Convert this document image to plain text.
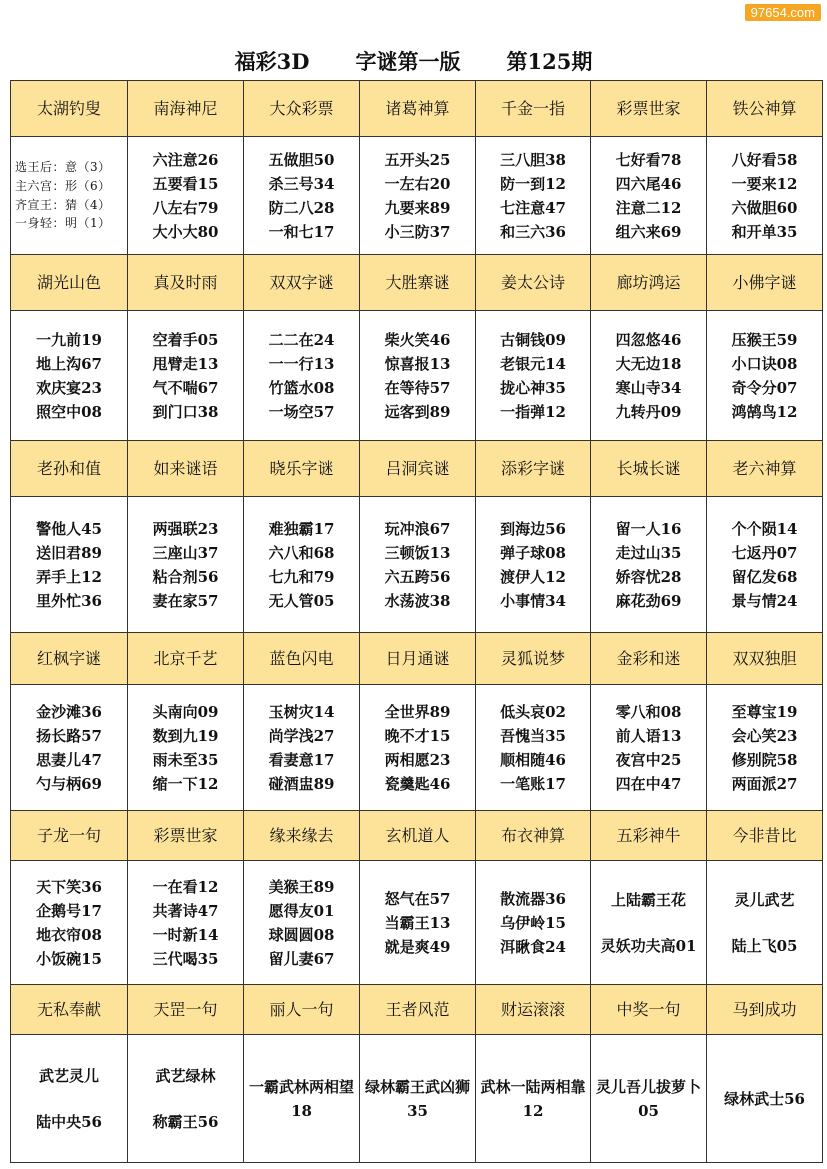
97654.com
福彩3D 字谜第一版 第125期
太湖钓叟	南海神尼	大众彩票	诸葛神算	千金一指	彩票世家	铁公神算

选王后：意（3）
主六宫：形（6）
齐宣王：猜（4）
一身轻：明（1）	六注意26
五要看15
八左右79
大小大80	五做胆50
杀三号34
防二八28
一和七17	五开头25
一左右20
九要来89
小三防37	三八胆38
防一到12
七注意47
和三六36	七好看78
四六尾46
注意二12
组六来69	八好看58
一要来12
六做胆60
和开单35

湖光山色	真及时雨	双双字谜	大胜寨谜	姜太公诗	廊坊鸿运	小佛字谜

一九前19
地上沟67
欢庆宴23
照空中08	空着手05
甩臂走13
气不喘67
到门口38	二二在24
一一行13
竹篮水08
一场空57	柴火笑46
惊喜报13
在等待57
远客到89	古铜钱09
老银元14
拢心神35
一指弹12	四忽悠46
大无边18
寒山寺34
九转丹09	压猴王59
小口诀08
奇令分07
鸿鹄鸟12

老孙和值	如来谜语	晓乐字谜	吕洞宾谜	添彩字谜	长城长谜	老六神算

警他人45
送旧君89
弄手上12
里外忙36	两强联23
三座山37
粘合剂56
妻在家57	难独霸17
六八和68
七九和79
无人管05	玩冲浪67
三顿饭13
六五跨56
水荡波38	到海边56
弹子球08
渡伊人12
小事情34	留一人16
走过山35
娇容忧28
麻花劲69	个个陨14
七返丹07
留亿发68
景与情24

红枫字谜	北京千艺	蓝色闪电	日月通谜	灵狐说梦	金彩和迷	双双独胆

金沙滩36
扬长路57
思妻儿47
勺与柄69	头南向09
数到九19
雨未至35
缩一下12	玉树灾14
尚学浅27
看妻意17
碰酒盅89	全世界89
晚不才15
两相愿23
瓷羹匙46	低头哀02
吾愧当35
顺相随46
一笔账17	零八和08
前人语13
夜宫中25
四在中47	至尊宝19
会心笑23
修别院58
两面派27

子龙一句	彩票世家	缘来缘去	玄机道人	布衣神算	五彩神牛	今非昔比

天下笑36
企鹅号17
地衣帘08
小饭碗15	一在看12
共著诗47
一时新14
三代喝35	美猴王89
愿得友01
球圆圆08
留儿妻67	怒气在57
当霸王13
就是爽49	散流器36
乌伊岭15
洱瞅食24	上陆霸王花
灵妖功夫高01	灵儿武艺
陆上飞05

无私奉献	天罡一句	丽人一句	王者风范	财运滚滚	中奖一句	马到成功

武艺灵儿
陆中央56	武艺绿林
称霸王56	一霸武林两相望18	绿林霸王武凶狮35	武林一陆两相靠12	灵儿吾儿拔萝卜05	绿林武士56
